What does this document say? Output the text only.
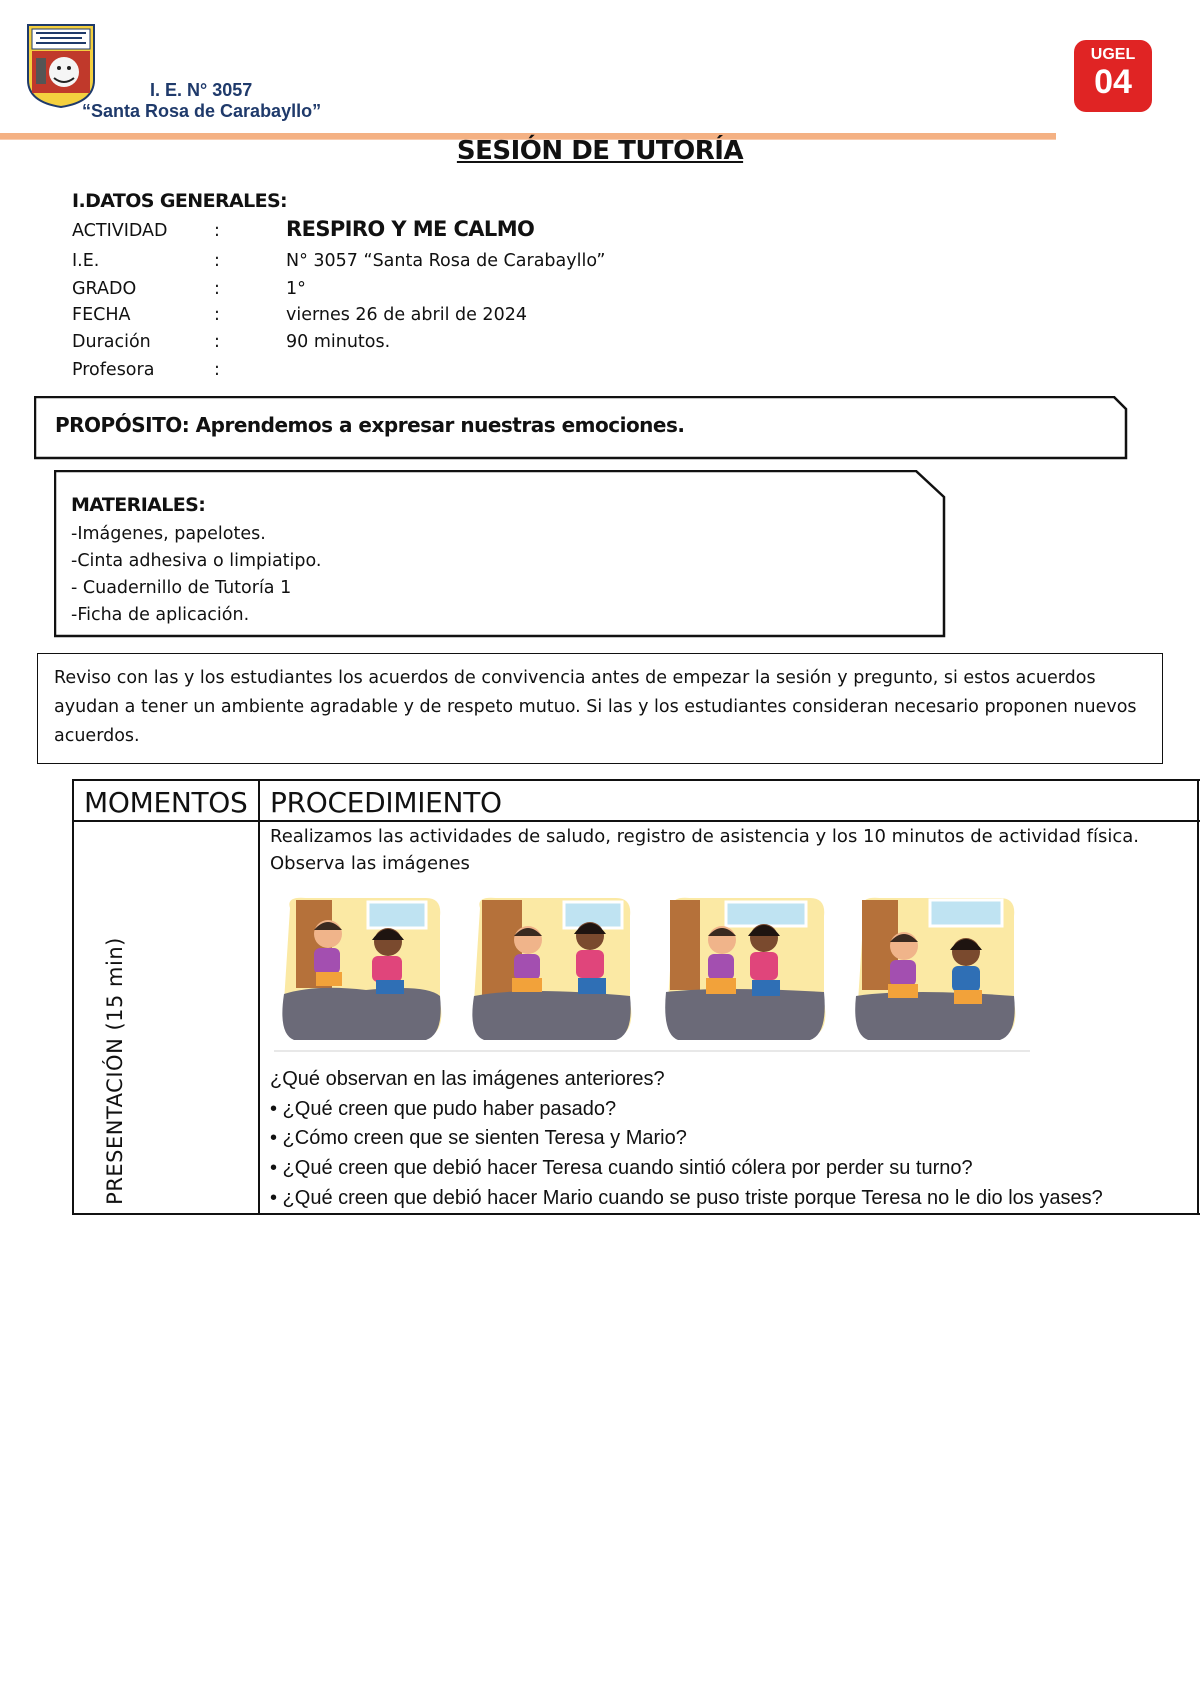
I. E. N° 3057
“Santa Rosa de Carabayllo”
UGEL
04
SESIÓN DE TUTORÍA
I.DATOS GENERALES:
ACTIVIDAD	:	RESPIRO Y ME CALMO
I.E.	:	N° 3057 “Santa Rosa de Carabayllo”
GRADO	:	1°
FECHA	:	viernes 26 de abril de 2024
Duración	:	90 minutos.
Profesora	:
PROPÓSITO: Aprendemos a expresar nuestras emociones.
MATERIALES:
-Imágenes, papelotes.
-Cinta adhesiva o limpiatipo.
- Cuadernillo de Tutoría 1
-Ficha de aplicación.
Reviso con las y los estudiantes los acuerdos de convivencia antes de empezar la sesión y pregunto, si estos acuerdos ayudan a tener un ambiente agradable y de respeto mutuo. Si las y los estudiantes consideran necesario proponen nuevos acuerdos.
MOMENTOS PROCEDIMIENTO
PRESENTACIÓN (15 min)
Realizamos las actividades de saludo, registro de asistencia y los 10 minutos de actividad física.
Observa las imágenes
¿Qué observan en las imágenes anteriores?
• ¿Qué creen que pudo haber pasado?
• ¿Cómo creen que se sienten Teresa y Mario?
• ¿Qué creen que debió hacer Teresa cuando sintió cólera por perder su turno?
• ¿Qué creen que debió hacer Mario cuando se puso triste porque Teresa no le dio los yases?
